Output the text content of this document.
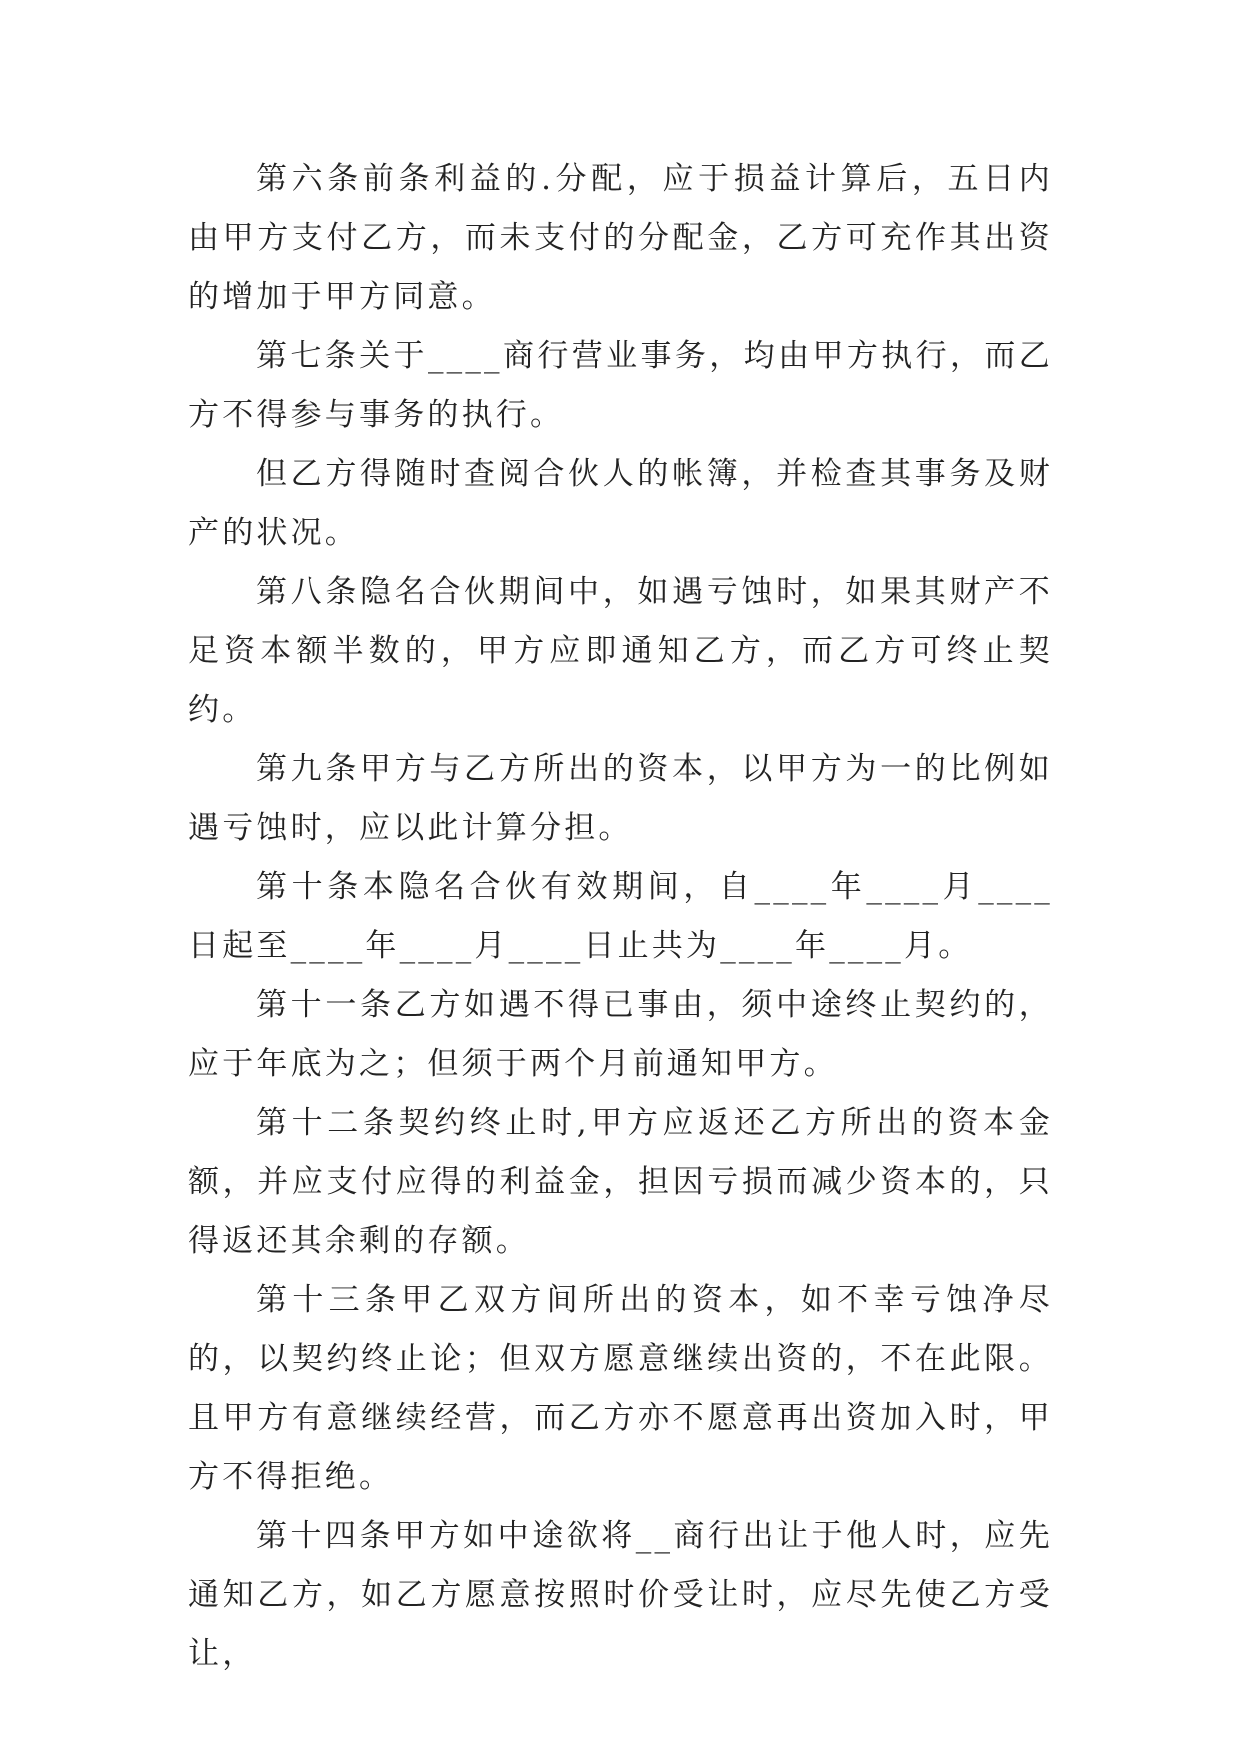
第六条前条利益的.分配，应于损益计算后，五日内由甲方支付乙方，而未支付的分配金，乙方可充作其出资的增加于甲方同意。

第七条关于____商行营业事务，均由甲方执行，而乙方不得参与事务的执行。

但乙方得随时查阅合伙人的帐簿，并检查其事务及财产的状况。

第八条隐名合伙期间中，如遇亏蚀时，如果其财产不足资本额半数的，甲方应即通知乙方，而乙方可终止契约。

第九条甲方与乙方所出的资本，以甲方为一的比例如遇亏蚀时，应以此计算分担。

第十条本隐名合伙有效期间，自____年____月____日起至____年____月____日止共为____年____月。

第十一条乙方如遇不得已事由，须中途终止契约的，应于年底为之；但须于两个月前通知甲方。

第十二条契约终止时,甲方应返还乙方所出的资本金额，并应支付应得的利益金，担因亏损而减少资本的，只得返还其余剩的存额。

第十三条甲乙双方间所出的资本，如不幸亏蚀净尽的，以契约终止论；但双方愿意继续出资的，不在此限。且甲方有意继续经营，而乙方亦不愿意再出资加入时，甲方不得拒绝。

第十四条甲方如中途欲将__商行出让于他人时，应先通知乙方，如乙方愿意按照时价受让时，应尽先使乙方受让，
